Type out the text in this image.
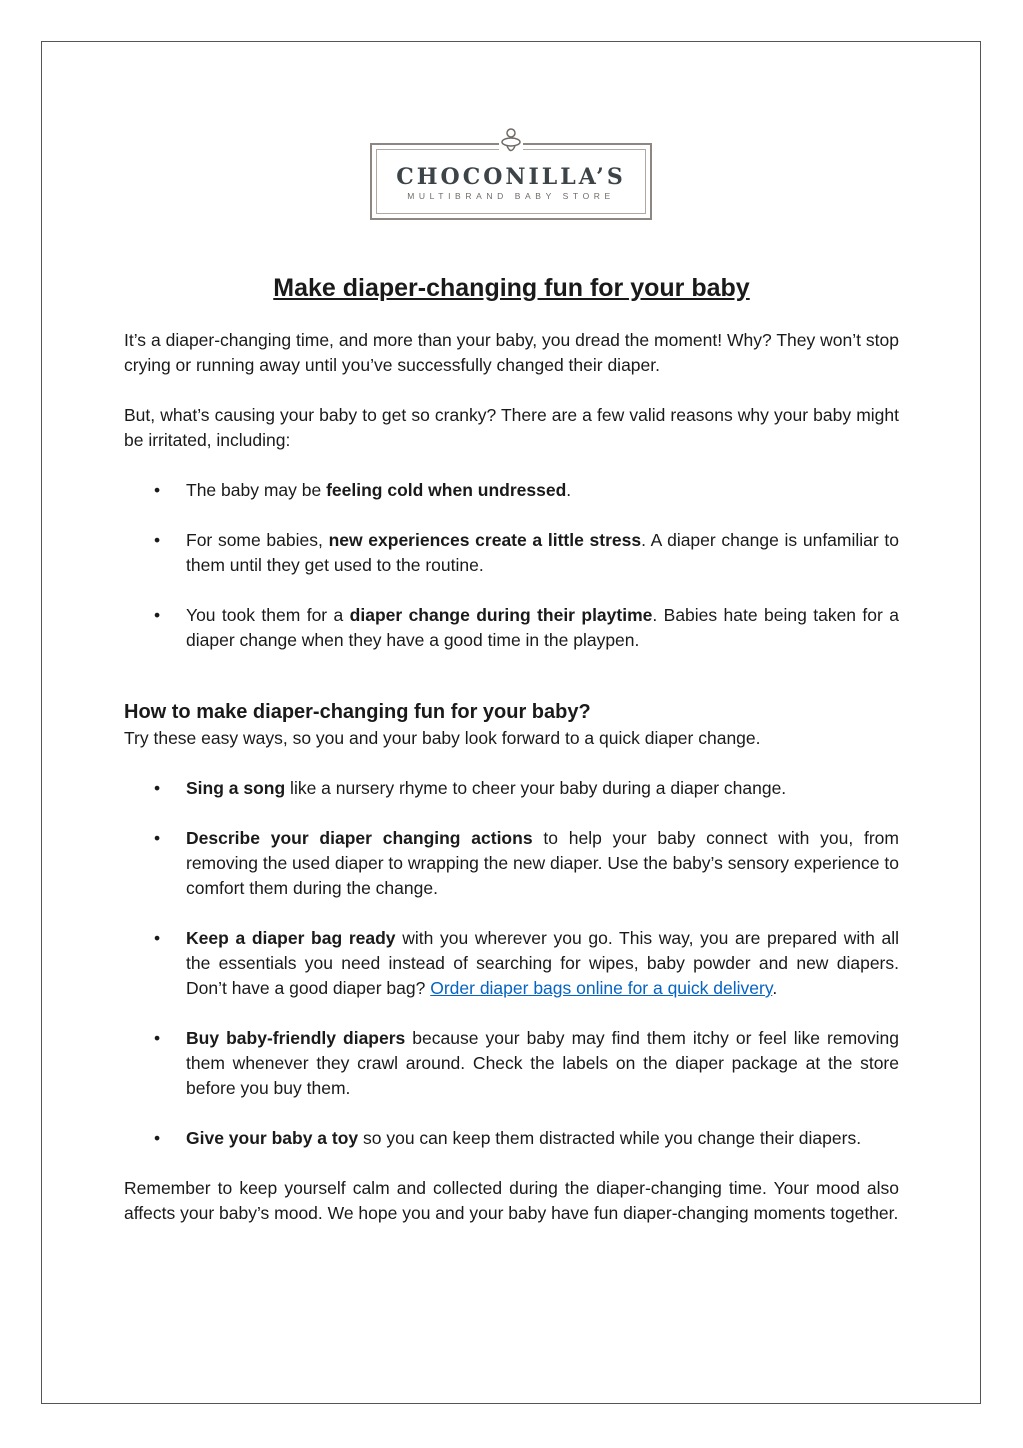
CHOCONILLA’S
MULTIBRAND BABY STORE
Make diaper-changing fun for your baby

It’s a diaper-changing time, and more than your baby, you dread the moment! Why? They won’t stop crying or running away until you’ve successfully changed their diaper.

But, what’s causing your baby to get so cranky? There are a few valid reasons why your baby might be irritated, including:

• The baby may be feeling cold when undressed.
• For some babies, new experiences create a little stress. A diaper change is unfamiliar to them until they get used to the routine.
• You took them for a diaper change during their playtime. Babies hate being taken for a diaper change when they have a good time in the playpen.
How to make diaper-changing fun for your baby?

Try these easy ways, so you and your baby look forward to a quick diaper change.

• Sing a song like a nursery rhyme to cheer your baby during a diaper change.
• Describe your diaper changing actions to help your baby connect with you, from removing the used diaper to wrapping the new diaper. Use the baby’s sensory experience to comfort them during the change.
• Keep a diaper bag ready with you wherever you go. This way, you are prepared with all the essentials you need instead of searching for wipes, baby powder and new diapers. Don’t have a good diaper bag? Order diaper bags online for a quick delivery.
• Buy baby-friendly diapers because your baby may find them itchy or feel like removing them whenever they crawl around. Check the labels on the diaper package at the store before you buy them.
• Give your baby a toy so you can keep them distracted while you change their diapers.

Remember to keep yourself calm and collected during the diaper-changing time. Your mood also affects your baby’s mood. We hope you and your baby have fun diaper-changing moments together.
